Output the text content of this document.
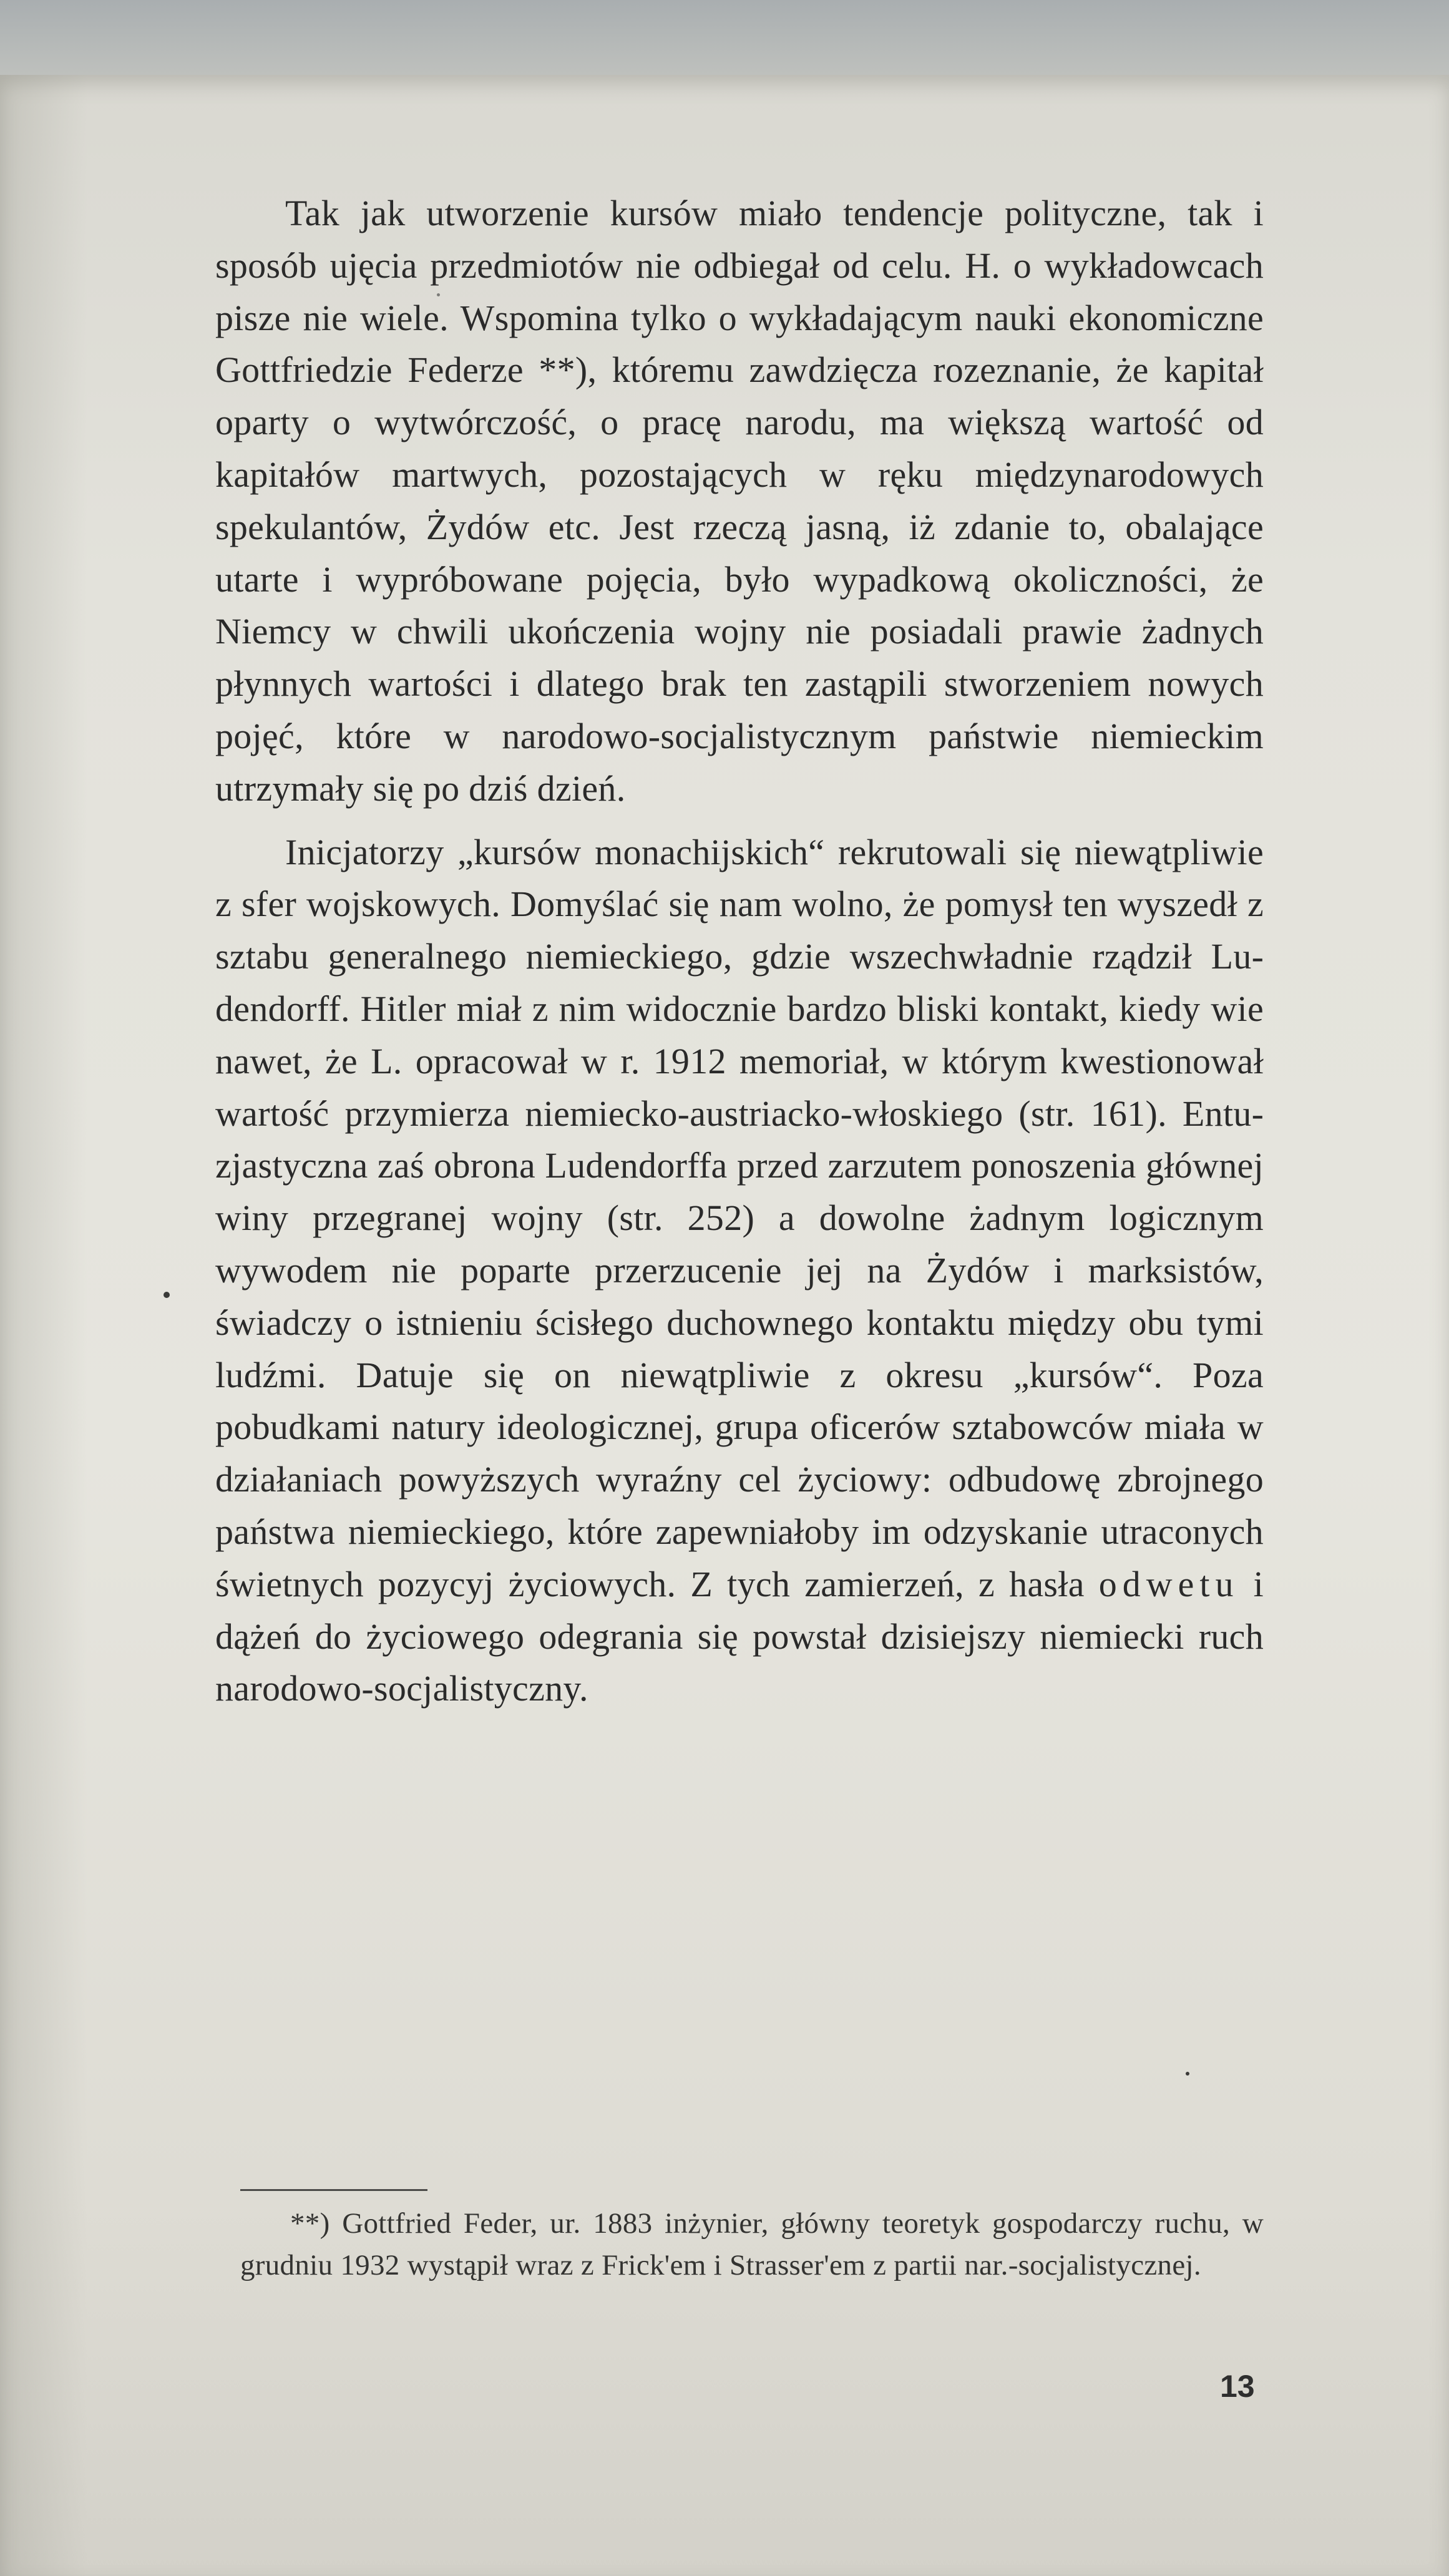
Tak jak utworzenie kursów miało tendencje polityczne, tak i sposób ujęcia przedmiotów nie odbiegał od celu. H. o wykładowcach pisze nie wiele. Wspomina tylko o wykładającym nauki ekonomiczne Gottfriedzie Federze **), któremu zawdzięcza rozeznanie, że kapitał oparty o wytwórczość, o pracę narodu, ma większą wartość od kapitałów martwych, pozostających w ręku międzynarodowych spekulantów, Żydów etc. Jest rzeczą jasną, iż zdanie to, obalające utarte i wypróbowane pojęcia, było wypadkową okoliczności, że Niemcy w chwili ukończenia wojny nie posiadali prawie żadnych płynnych wartości i dlatego brak ten zastąpili stworzeniem nowych pojęć, które w narodowo-socjalistycznym państwie niemieckim utrzymały się po dziś dzień.

Inicjatorzy „kursów monachijskich“ rekrutowali się niewątpliwie z sfer wojskowych. Domyślać się nam wolno, że pomysł ten wyszedł z sztabu generalnego niemieckiego, gdzie wszechwładnie rządził Ludendorff. Hitler miał z nim widocznie bardzo bliski kontakt, kiedy wie nawet, że L. opracował w r. 1912 memoriał, w którym kwestionował wartość przymierza niemiecko-austriacko-włoskiego (str. 161). Entuzjastyczna zaś obrona Ludendorffa przed zarzutem ponoszenia głównej winy przegranej wojny (str. 252) a dowolne żadnym logicznym wywodem nie poparte przerzucenie jej na Żydów i marksistów, świadczy o istnieniu ścisłego duchownego kontaktu między obu tymi ludźmi. Datuje się on niewątpliwie z okresu „kursów“. Poza pobudkami natury ideologicznej, grupa oficerów sztabowców miała w działaniach powyższych wyraźny cel życiowy: odbudowę zbrojnego państwa niemieckiego, które zapewniałoby im odzyskanie utraconych świetnych pozycyj życiowych. Z tych zamierzeń, z hasła odwetu i dążeń do życiowego odegrania się powstał dzisiejszy niemiecki ruch narodowo-socjalistyczny.

**) Gottfried Feder, ur. 1883 inżynier, główny teoretyk gospodarczy ruchu, w grudniu 1932 wystąpił wraz z Frick'em i Strasser'em z partii nar.-socjalistycznej.

13
